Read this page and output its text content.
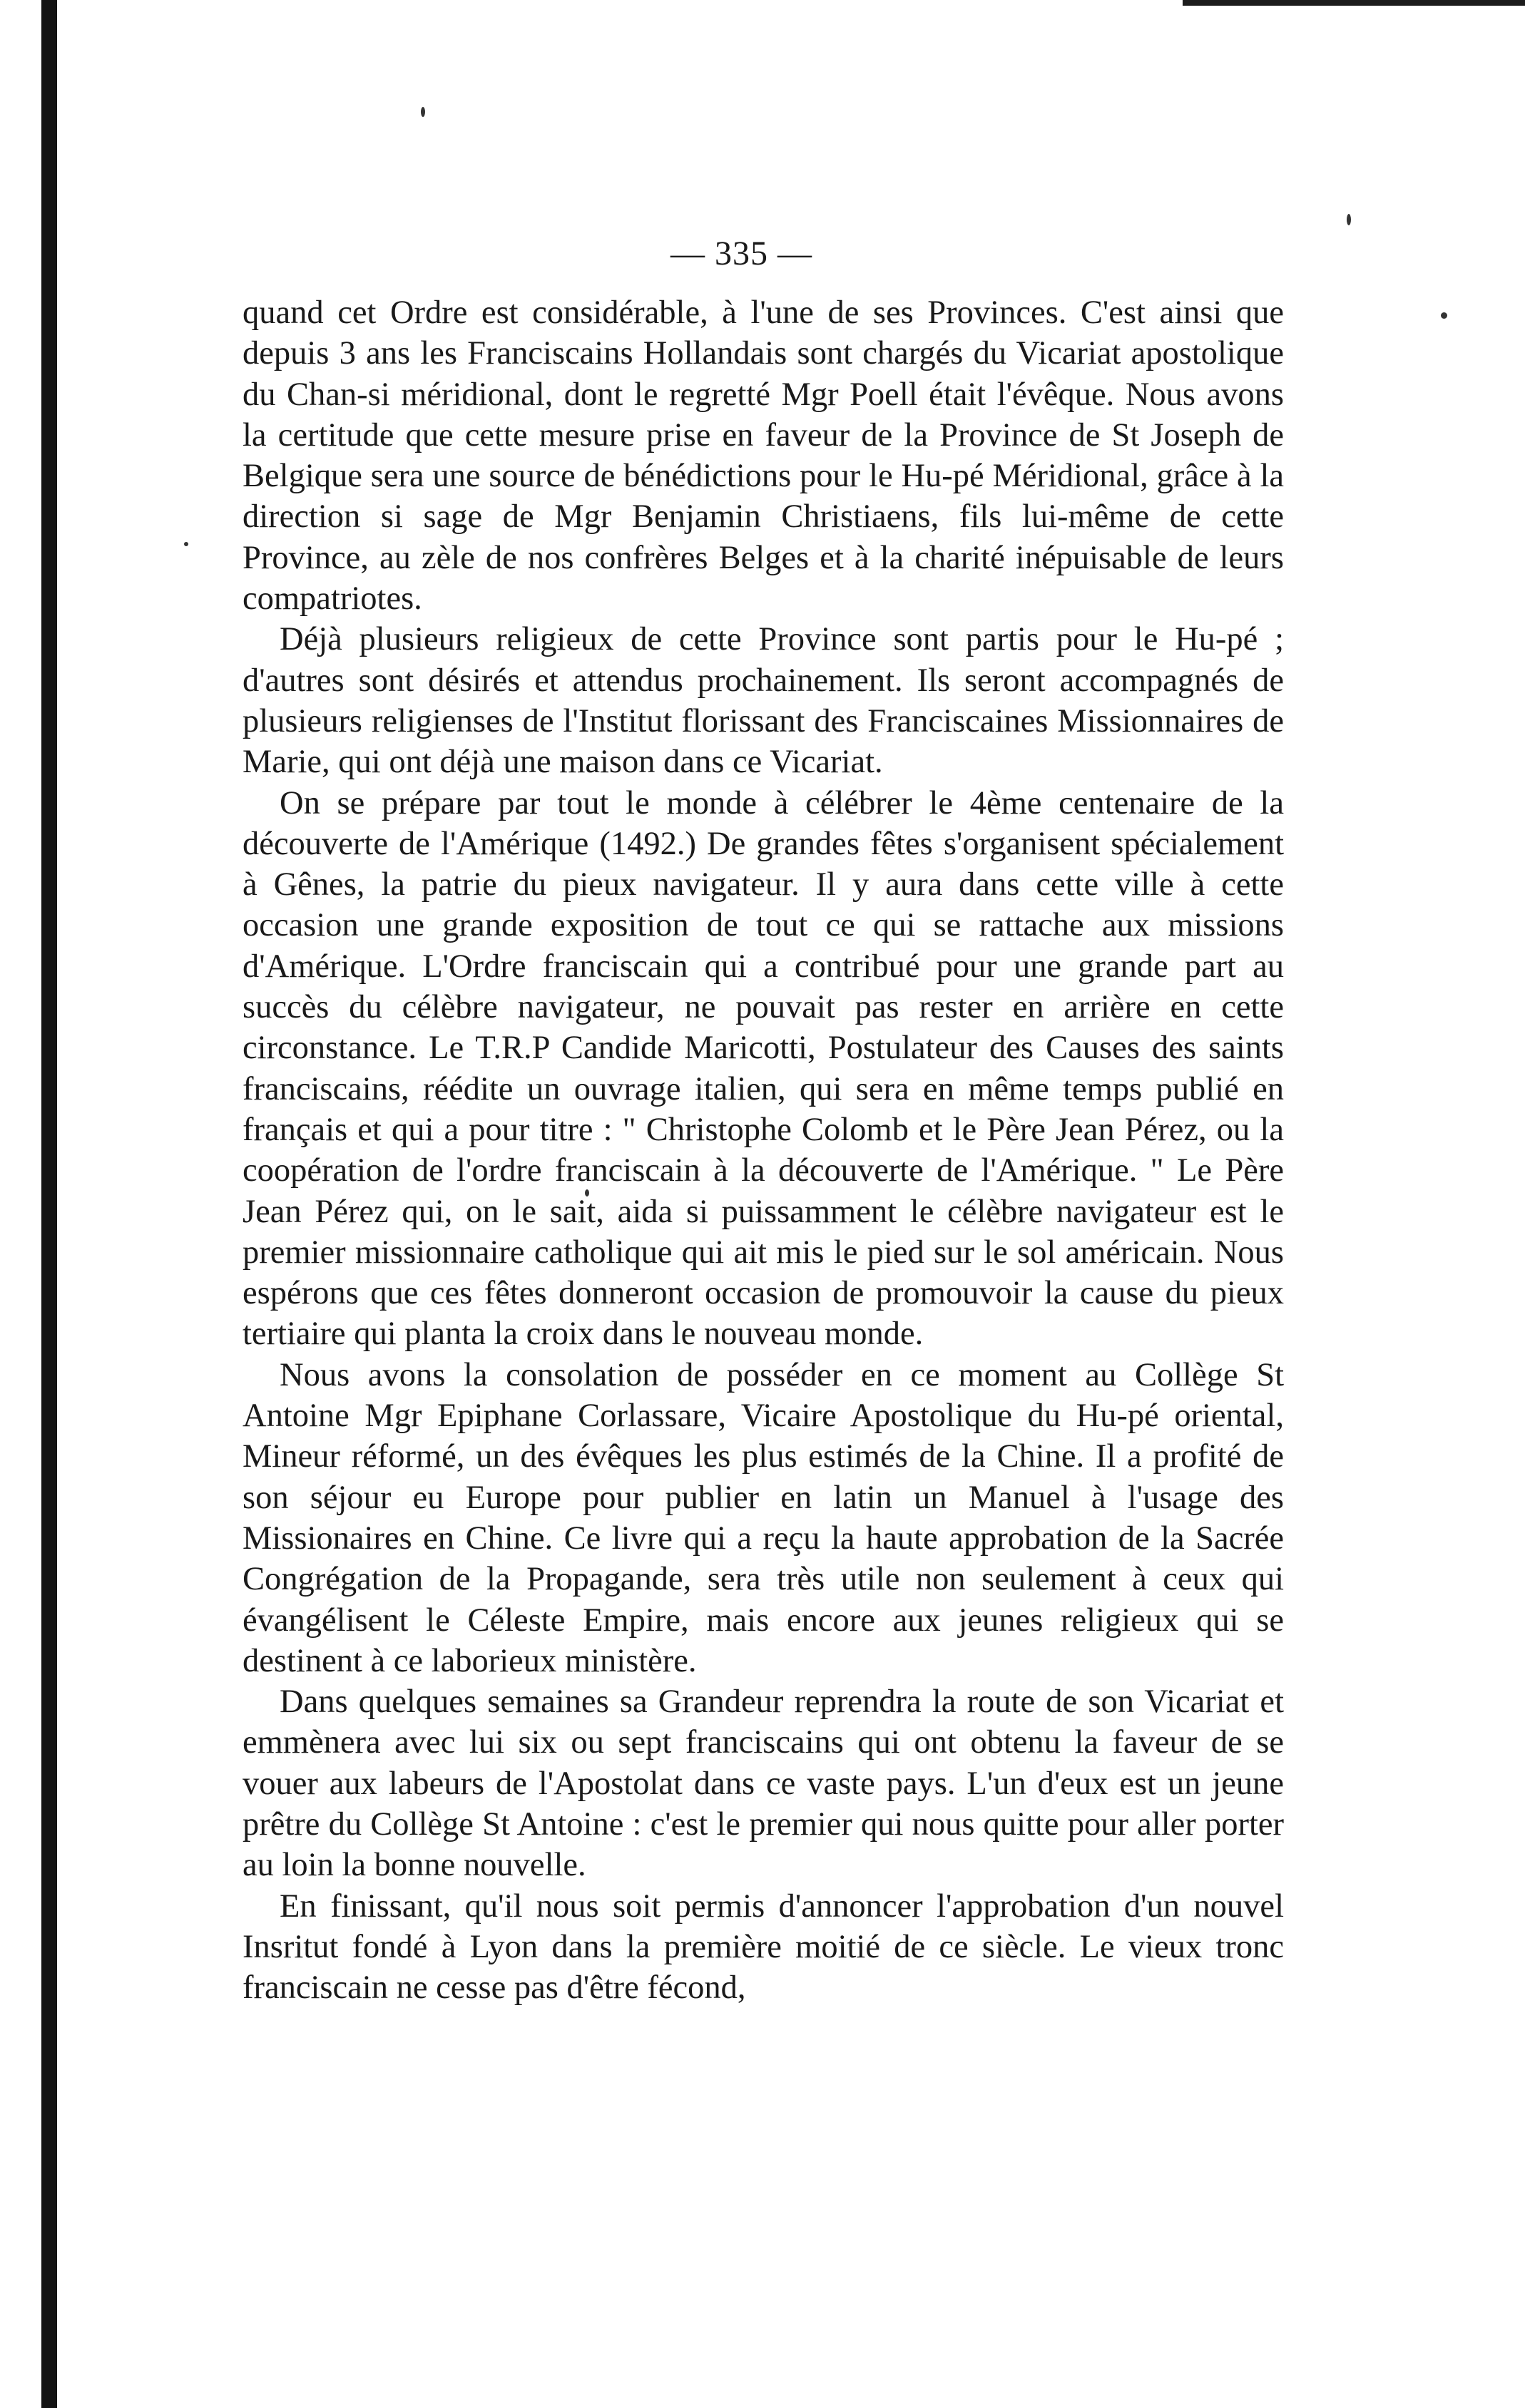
— 335 —

quand cet Ordre est considérable, à l'une de ses Provinces. C'est ainsi que depuis 3 ans les Franciscains Hollandais sont chargés du Vicariat apostolique du Chan-si méridional, dont le regretté Mgr Poell était l'évêque. Nous avons la certitude que cette mesure prise en faveur de la Province de St Joseph de Belgique sera une source de bénédictions pour le Hu-pé Méridional, grâce à la direction si sage de Mgr Benjamin Christiaens, fils lui-même de cette Province, au zèle de nos confrères Belges et à la charité inépuisable de leurs compatriotes.

Déjà plusieurs religieux de cette Province sont partis pour le Hu-pé ; d'autres sont désirés et attendus prochainement. Ils seront accompagnés de plusieurs religienses de l'Institut florissant des Franciscaines Missionnaires de Marie, qui ont déjà une maison dans ce Vicariat.

On se prépare par tout le monde à célébrer le 4ème centenaire de la découverte de l'Amérique (1492.) De grandes fêtes s'organisent spécialement à Gênes, la patrie du pieux navigateur. Il y aura dans cette ville à cette occasion une grande exposition de tout ce qui se rattache aux missions d'Amérique. L'Ordre franciscain qui a contribué pour une grande part au succès du célèbre navigateur, ne pouvait pas rester en arrière en cette circonstance. Le T.R.P Candide Maricotti, Postulateur des Causes des saints franciscains, réédite un ouvrage italien, qui sera en même temps publié en français et qui a pour titre : " Christophe Colomb et le Père Jean Pérez, ou la coopération de l'ordre franciscain à la découverte de l'Amérique. " Le Père Jean Pérez qui, on le sait, aida si puissamment le célèbre navigateur est le premier missionnaire catholique qui ait mis le pied sur le sol américain. Nous espérons que ces fêtes donneront occasion de promouvoir la cause du pieux tertiaire qui planta la croix dans le nouveau monde.

Nous avons la consolation de posséder en ce moment au Collège St Antoine Mgr Epiphane Corlassare, Vicaire Apostolique du Hu-pé oriental, Mineur réformé, un des évêques les plus estimés de la Chine. Il a profité de son séjour eu Europe pour publier en latin un Manuel à l'usage des Missionaires en Chine. Ce livre qui a reçu la haute approbation de la Sacrée Congrégation de la Propagande, sera très utile non seulement à ceux qui évangélisent le Céleste Empire, mais encore aux jeunes religieux qui se destinent à ce laborieux ministère.

Dans quelques semaines sa Grandeur reprendra la route de son Vicariat et emmènera avec lui six ou sept franciscains qui ont obtenu la faveur de se vouer aux labeurs de l'Apostolat dans ce vaste pays. L'un d'eux est un jeune prêtre du Collège St Antoine : c'est le premier qui nous quitte pour aller porter au loin la bonne nouvelle.

En finissant, qu'il nous soit permis d'annoncer l'approbation d'un nouvel Insritut fondé à Lyon dans la première moitié de ce siècle. Le vieux tronc franciscain ne cesse pas d'être fécond,
